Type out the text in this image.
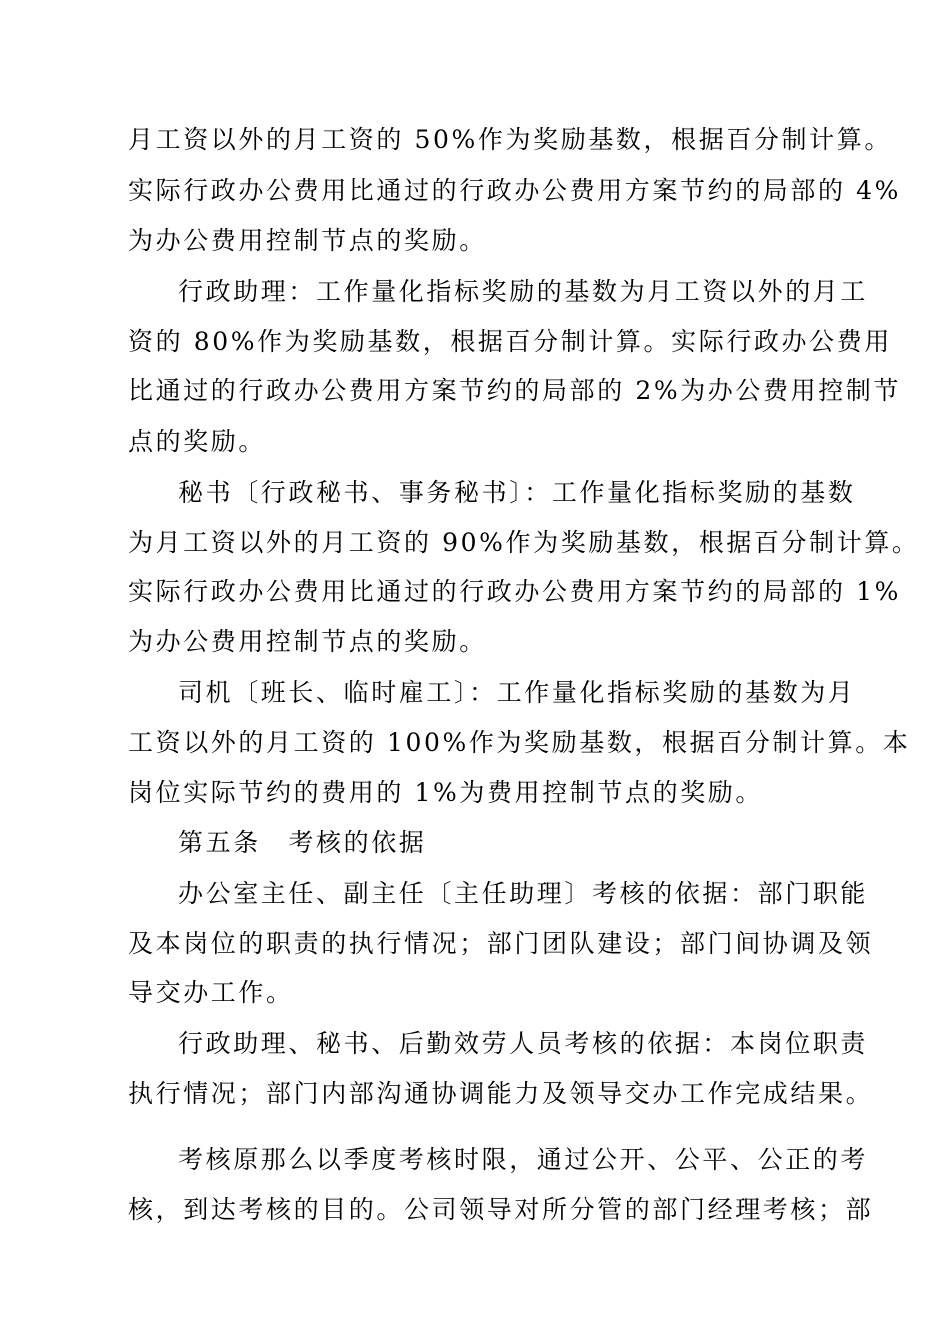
月工资以外的月工资的 50%作为奖励基数，根据百分制计算。
实际行政办公费用比通过的行政办公费用方案节约的局部的 4%
为办公费用控制节点的奖励。
行政助理：工作量化指标奖励的基数为月工资以外的月工
资的 80%作为奖励基数，根据百分制计算。实际行政办公费用
比通过的行政办公费用方案节约的局部的 2%为办公费用控制节
点的奖励。
秘书〔行政秘书、事务秘书〕：工作量化指标奖励的基数
为月工资以外的月工资的 90%作为奖励基数，根据百分制计算。
实际行政办公费用比通过的行政办公费用方案节约的局部的 1%
为办公费用控制节点的奖励。
司机〔班长、临时雇工〕：工作量化指标奖励的基数为月
工资以外的月工资的 100%作为奖励基数，根据百分制计算。本
岗位实际节约的费用的 1%为费用控制节点的奖励。
第五条　考核的依据
办公室主任、副主任〔主任助理〕考核的依据：部门职能
及本岗位的职责的执行情况；部门团队建设；部门间协调及领
导交办工作。
行政助理、秘书、后勤效劳人员考核的依据：本岗位职责
执行情况；部门内部沟通协调能力及领导交办工作完成结果。
考核原那么以季度考核时限，通过公开、公平、公正的考
核，到达考核的目的。公司领导对所分管的部门经理考核；部
